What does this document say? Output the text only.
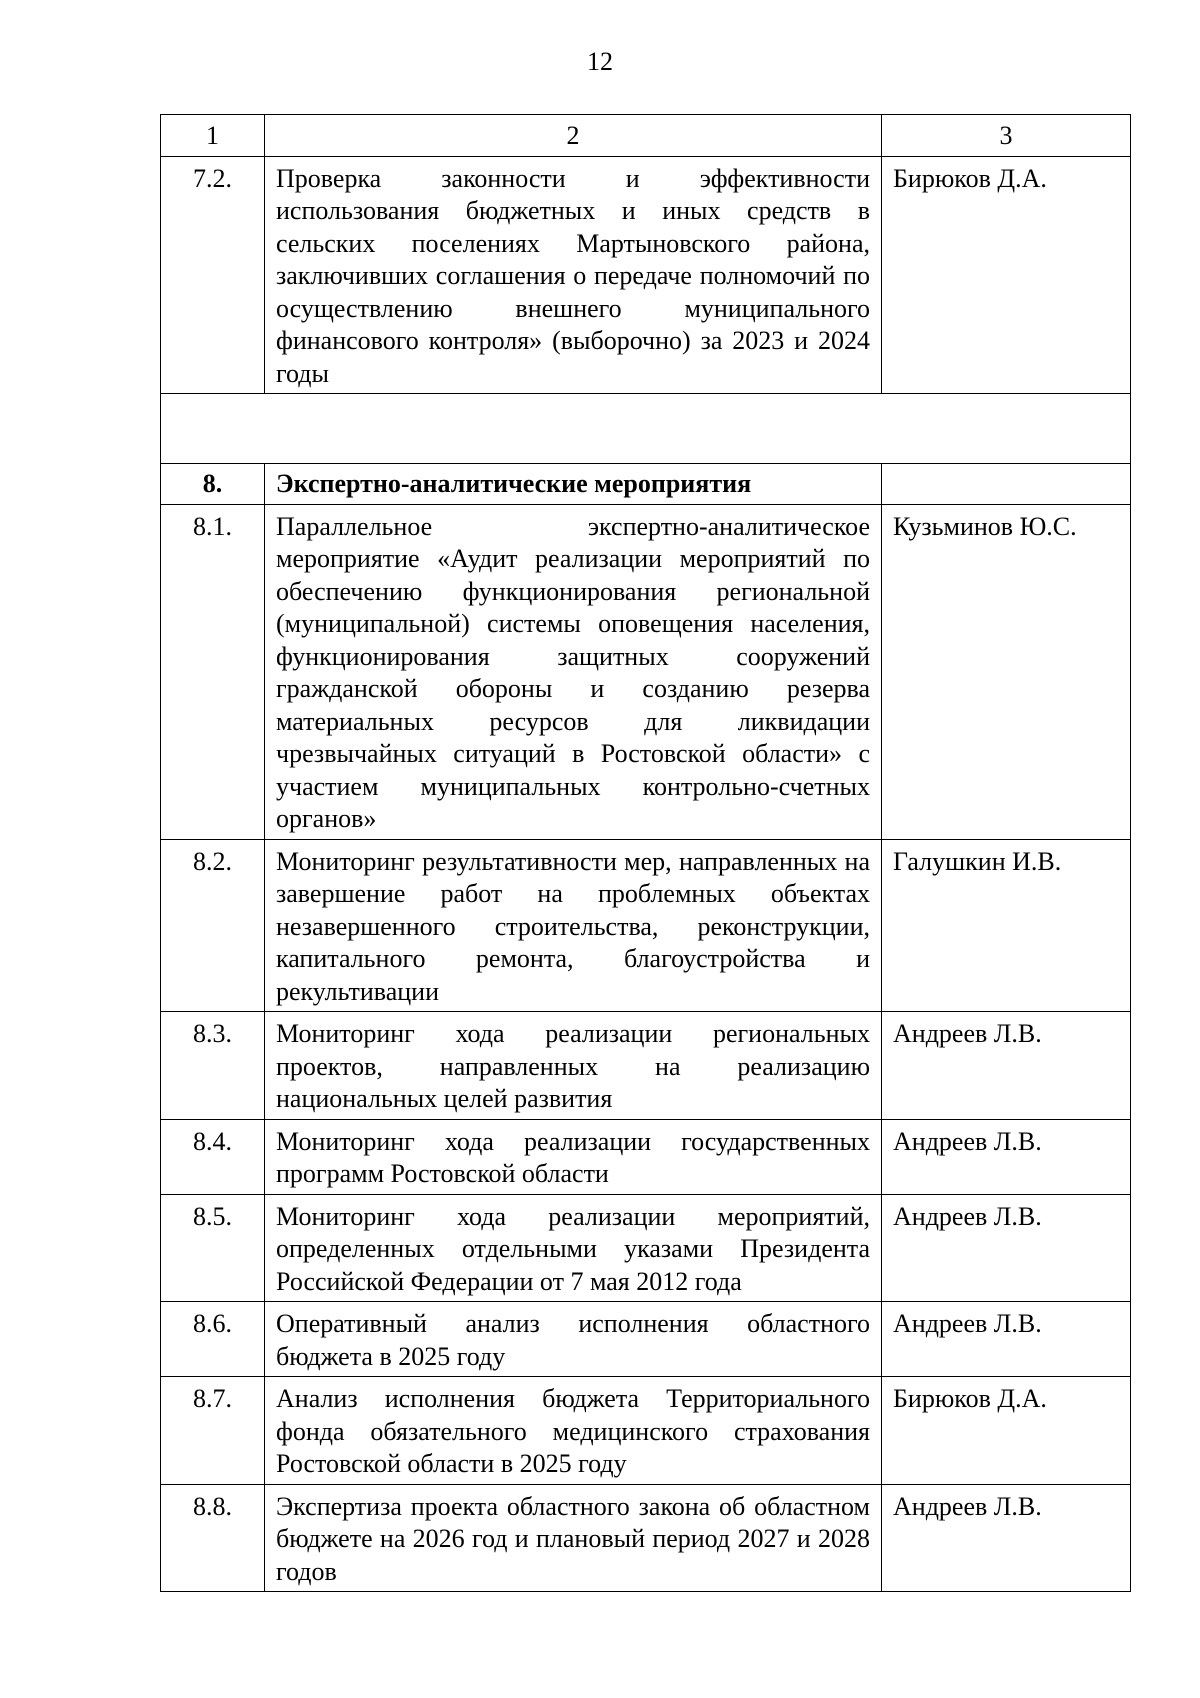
12
1	2	3
7.2.	Проверка законности и эффективности использования бюджетных и иных средств в сельских поселениях Мартыновского района, заключивших соглашения о передаче полномочий по осуществлению внешнего муниципального финансового контроля» (выборочно) за 2023 и 2024 годы	Бирюков Д.А.

8.	Экспертно-аналитические мероприятия	
8.1.	Параллельное экспертно-аналитическое мероприятие «Аудит реализации мероприятий по обеспечению функционирования региональной (муниципальной) системы оповещения населения, функционирования защитных сооружений гражданской обороны и созданию резерва материальных ресурсов для ликвидации чрезвычайных ситуаций в Ростовской области» с участием муниципальных контрольно-счетных органов»	Кузьминов Ю.С.
8.2.	Мониторинг результативности мер, направленных на завершение работ на проблемных объектах незавершенного строительства, реконструкции, капитального ремонта, благоустройства и рекультивации	Галушкин И.В.
8.3.	Мониторинг хода реализации региональных проектов, направленных на реализацию национальных целей развития	Андреев Л.В.
8.4.	Мониторинг хода реализации государственных программ Ростовской области	Андреев Л.В.
8.5.	Мониторинг хода реализации мероприятий, определенных отдельными указами Президента Российской Федерации от 7 мая 2012 года	Андреев Л.В.
8.6.	Оперативный анализ исполнения областного бюджета в 2025 году	Андреев Л.В.
8.7.	Анализ исполнения бюджета Территориального фонда обязательного медицинского страхования Ростовской области в 2025 году	Бирюков Д.А.
8.8.	Экспертиза проекта областного закона об областном бюджете на 2026 год и плановый период 2027 и 2028 годов	Андреев Л.В.
